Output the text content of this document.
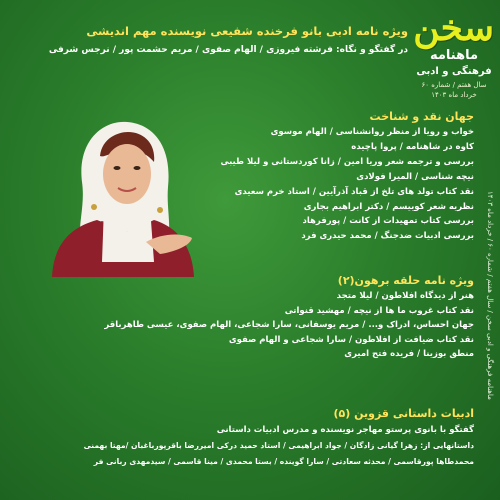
سخن
ماهنامه
فرهنگی و ادبی
سال هفتم / شماره ۶۰
خرداد ماه ۱۴۰۳
ویژه نامه ادبی بانو فرخنده شفیعی نویسنده مهم اندیشی
در گفتگو و نگاه: فرشته فیروزی / الهام صفوی / مریم حشمت پور / نرجس شرفی
ماهنامه فرهنگی و ادبی سخن / سال هفتم / شماره ۶۰ / خرداد ماه ۱۴۰۳
جهان نقد و شناخت
خواب و رویا از منظر روانشناسی / الهام موسوی
کاوه در شاهنامه / پروا پاچیده
بررسی و ترجمه شعر وریا امین / زانا کوردستانی و لیلا طیبی
نیچه شناسی / المیرا فولادی
نقد کتاب تولد های تلخ از قباد آذرآیین / استاد خرم سعیدی
نظریه شعر کوییسم / دکتر ابراهیم بجاری
بررسی کتاب تمهیدات از کانت / پورفرهاد
بررسی ادبیات ضدجنگ / محمد حیدری فرد
ویژه نامه حلقه برهون(۲)
هنر از دیدگاه افلاطون / لیلا متجد
نقد کتاب غروب ما ها از نیچه / مهشید قنواتی
جهان احساس، ادراک و... / مریم یوسفانی، سارا شجاعی، الهام صفوی، عیسی طاهرباقر
نقد کتاب ضیافت از افلاطون / سارا شجاعی و الهام صفوی
منطق بوزینا / فریده فتح امیری
ادبیات داستانی قزوین (۵)
گفتگو با بانوی پرستو مهاجر نویسنده و مدرس ادبیات داستانی
داستانهایی از: زهرا گیانی زادگان / جواد ابراهیمی / استاد حمید درکی امیررضا باقرپورباغبان /مهتا بهمنی
محمدطاها پورقاسمی / محدثه سعادتی / سارا گوینده / بستا محمدی / مینا قاسمی / سیدمهدی ربانی فر
